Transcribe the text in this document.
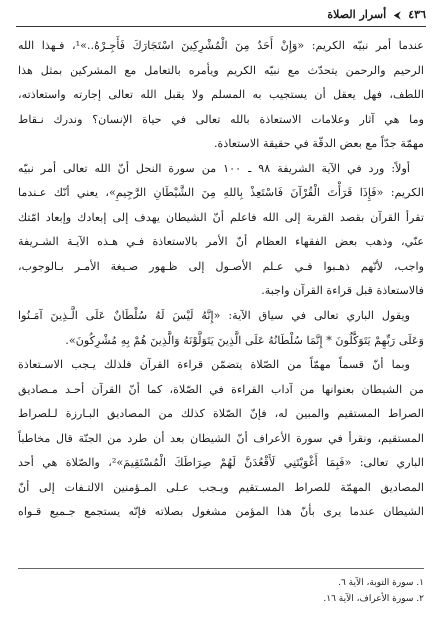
٤٣٦ ⮜ أسرار الصلاة
عندما أمر نبيّه الكريم: «وَإِنْ أَحَدٌ مِنَ الْمُشْرِكِينَ اسْتَجَارَكَ فَأَجِـرْهُ..»¹، فـهذا الله
الرحيم والرحمن يتحدّث مع نبيّه الكريم ويأمره بالتعامل مع المشركين بمثل هذا
اللطف، فهل يعقل أن يستجيب به المسلم ولا يقبل الله تعالى إجارته واستعاذته،
وما هي آثار وعلامات الاستعاذة بالله تعالى في حياة الإنسان؟ وندرك نـقاط
مهمّة جدّاً مع بعض الدقّة في حقيقة الاستعاذة.
أولاً: ورد في الآية الشريفة ٩٨ ـ ١٠٠ من سورة النحل أنّ الله تعالى أمر نبيّه
الكريم: «فَإِذَا قَرَأْتَ الْقُرْآنَ فَاسْتَعِذْ بِاللهِ مِنَ الشَّيْطَانِ الرَّجِيمِ»، يعني أنّك عـندما
تقرأ القرآن بقصد القربة إلى الله فاعلم أنّ الشيطان يهدف إلى إبعادك وإبعاد امّتك
عنّي، وذهب بعض الفقهاء العظام أنّ الأمر بالاستعاذة فـي هـذه الآيـة الشـريفة
واجب، لأنّهم ذهـبوا فـي عـلم الأصـول إلى ظـهور صـيغة الأمـر بـالوجوب،
فالاستعاذة قبل قراءة القرآن واجبة.
ويقول الباري تعالى في سياق الآية: «إِنَّهُ لَيْسَ لَهُ سُلْطَانٌ عَلَى الَّـذِينَ آمَـنُوا
وَعَلَى رَبِّهِمْ يَتَوَكَّلُونَ * إِنَّمَا سُلْطَانُهُ عَلَى الَّذِينَ يَتَوَلَّوْنَهُ وَالَّذِينَ هُمْ بِهِ مُشْرِكُونَ».
وبما أنّ قسماً مهمّاً من الصّلاة يتضمّن قراءة القرآن فلذلك يـجب الاسـتعاذة
من الشيطان بعنوانها من آداب القراءة في الصّلاة، كما أنّ القرآن أحـد مـصاديق
الصراط المستقيم والمبين له، فإنّ الصّلاة كذلك من المصاديق البـارزة لـلصراط
المستقيم، ونقرأ في سورة الأعراف أنّ الشيطان بعد أن طرد من الجنّة قال مخاطباً
الباري تعالى: «فَبِمَا أَغْوَيْتَنِي لَأَقْعُدَنَّ لَهُمْ صِرَاطَكَ الْمُسْتَقِيمَ»²، والصّلاة هي أحد
المصاديق المهمّة للصراط المسـتقيم ويـجب عـلى المـؤمنين الالتـفات إلى أنّ
الشيطان عندما يرى بأنّ هذا المؤمن مشغول بصلاته فإنّه يستجمع جـميع قـواه
١. سورة التوبة، الآية ٦.
٢. سورة الأعراف، الآية ١٦.
